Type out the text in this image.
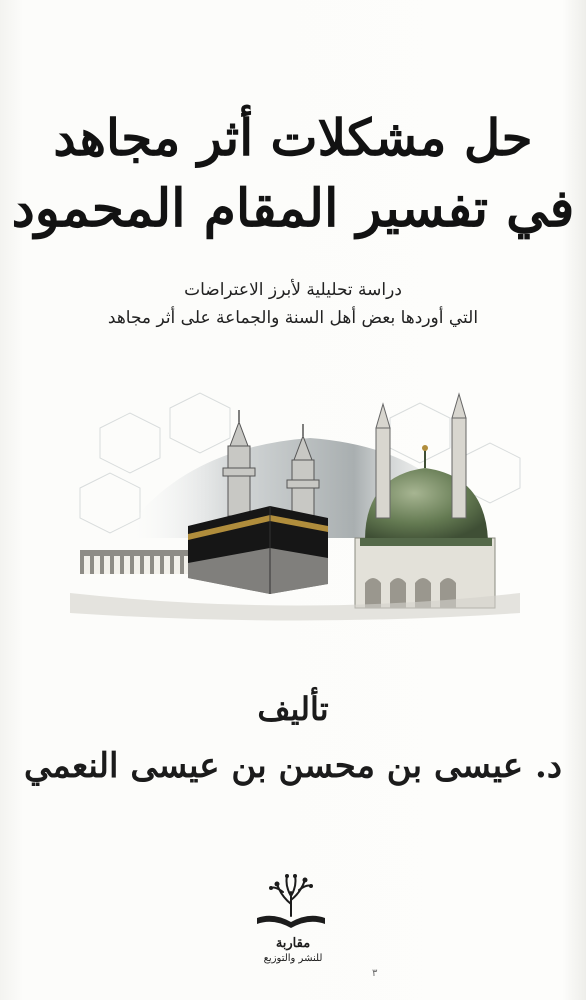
حل مشكلات أثر مجاهد
في تفسير المقام المحمود
دراسة تحليلية لأبرز الاعتراضات
التي أوردها بعض أهل السنة والجماعة على أثر مجاهد
تأليف
د. عيسى بن محسن بن عيسى النعمي
مقاربة
للنشر والتوزيع
٣
